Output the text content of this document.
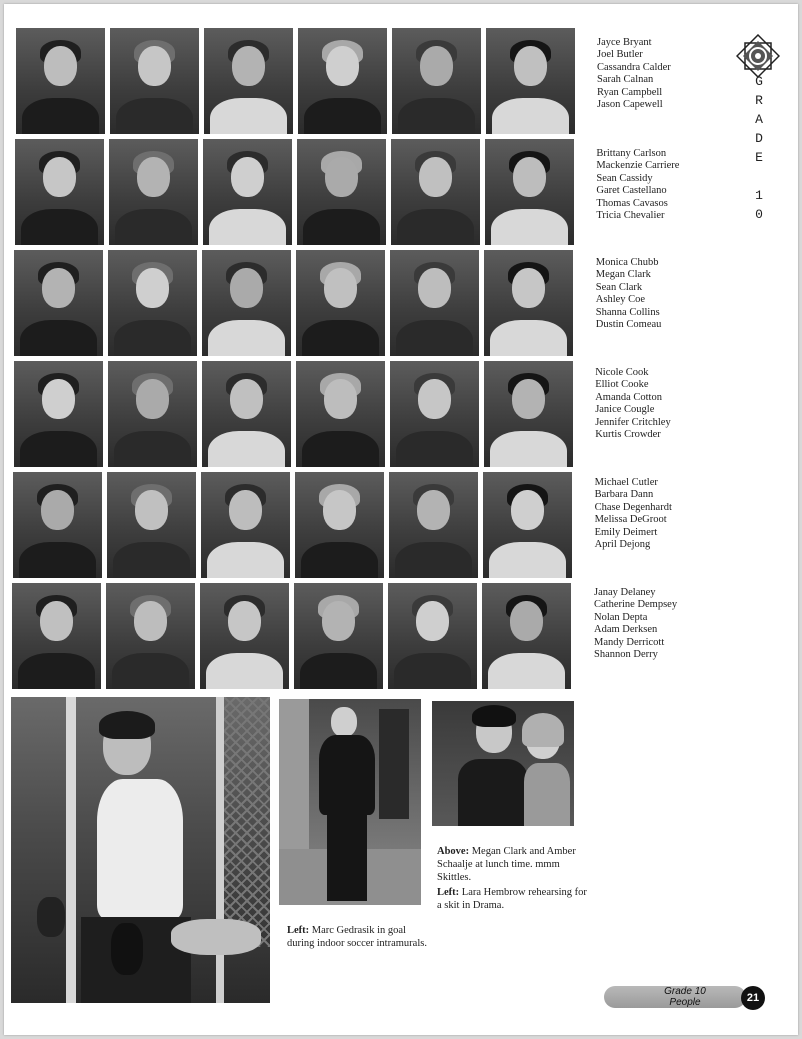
Jayce Bryant
Joel Butler
Cassandra Calder
Sarah Calnan
Ryan Campbell
Jason Capewell
Brittany Carlson
Mackenzie Carriere
Sean Cassidy
Garet Castellano
Thomas Cavasos
Tricia Chevalier
Monica Chubb
Megan Clark
Sean Clark
Ashley Coe
Shanna Collins
Dustin Comeau
Nicole Cook
Elliot Cooke
Amanda Cotton
Janice Cougle
Jennifer Critchley
Kurtis Crowder
Michael Cutler
Barbara Dann
Chase Degenhardt
Melissa DeGroot
Emily Deimert
April Dejong
Janay Delaney
Catherine Dempsey
Nolan Depta
Adam Derksen
Mandy Derricott
Shannon Derry
G
R
A
D
E

1
0
Above: Megan Clark and Amber Schaalje at lunch time. mmm Skittles.
Left: Lara Hembrow rehearsing for a skit in Drama.
Left: Marc Gedrasik in goal during indoor soccer intramurals.
Grade 10
People	21
